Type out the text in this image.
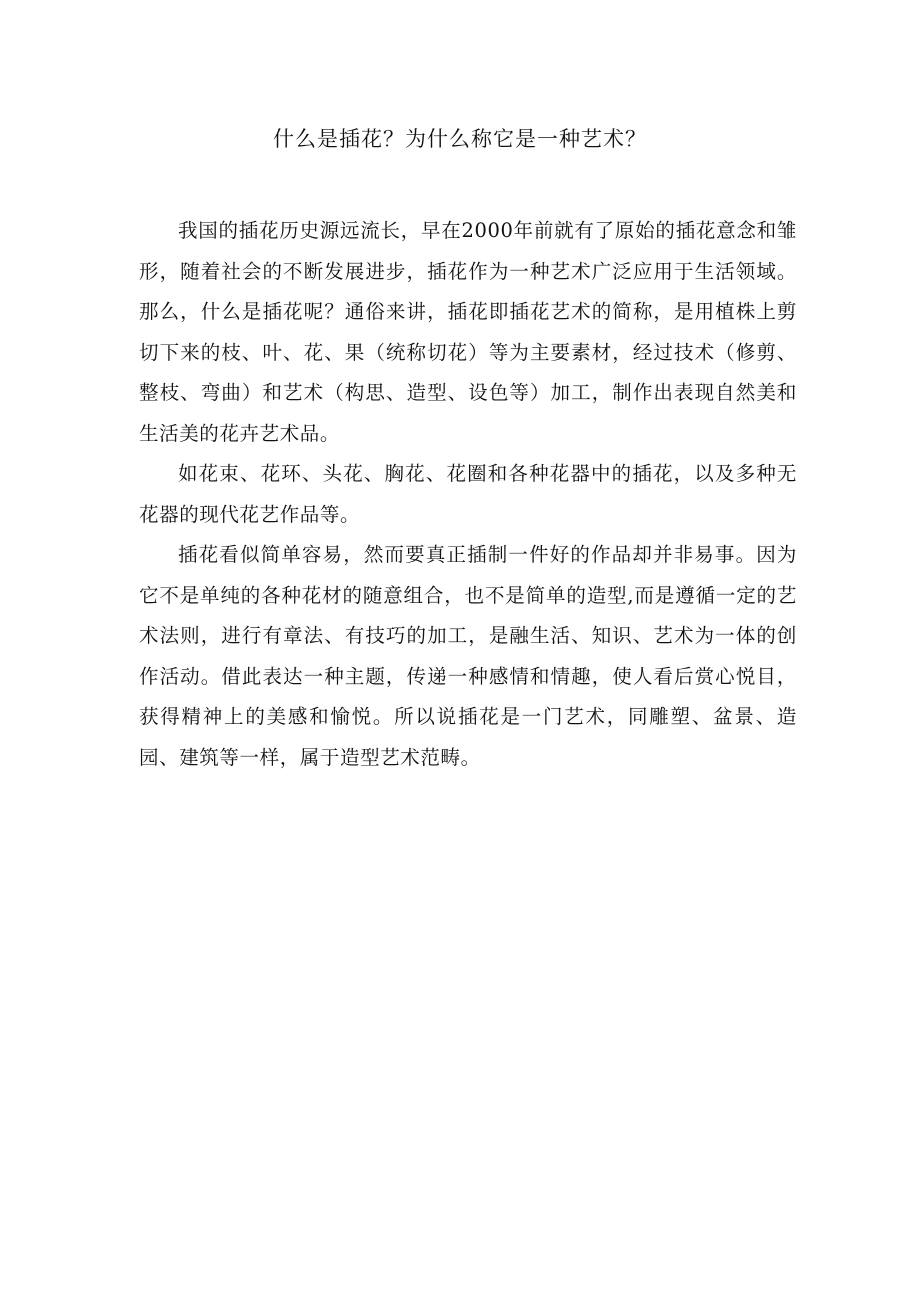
什么是插花？为什么称它是一种艺术？

我国的插花历史源远流长，早在2000年前就有了原始的插花意念和雏形，随着社会的不断发展进步，插花作为一种艺术广泛应用于生活领域。那么，什么是插花呢？通俗来讲，插花即插花艺术的简称，是用植株上剪切下来的枝、叶、花、果（统称切花）等为主要素材，经过技术（修剪、整枝、弯曲）和艺术（构思、造型、设色等）加工，制作出表现自然美和生活美的花卉艺术品。

如花束、花环、头花、胸花、花圈和各种花器中的插花，以及多种无花器的现代花艺作品等。

插花看似简单容易，然而要真正插制一件好的作品却并非易事。因为它不是单纯的各种花材的随意组合，也不是简单的造型,而是遵循一定的艺术法则，进行有章法、有技巧的加工，是融生活、知识、艺术为一体的创作活动。借此表达一种主题，传递一种感情和情趣，使人看后赏心悦目，获得精神上的美感和愉悦。所以说插花是一门艺术，同雕塑、盆景、造园、建筑等一样，属于造型艺术范畴。
